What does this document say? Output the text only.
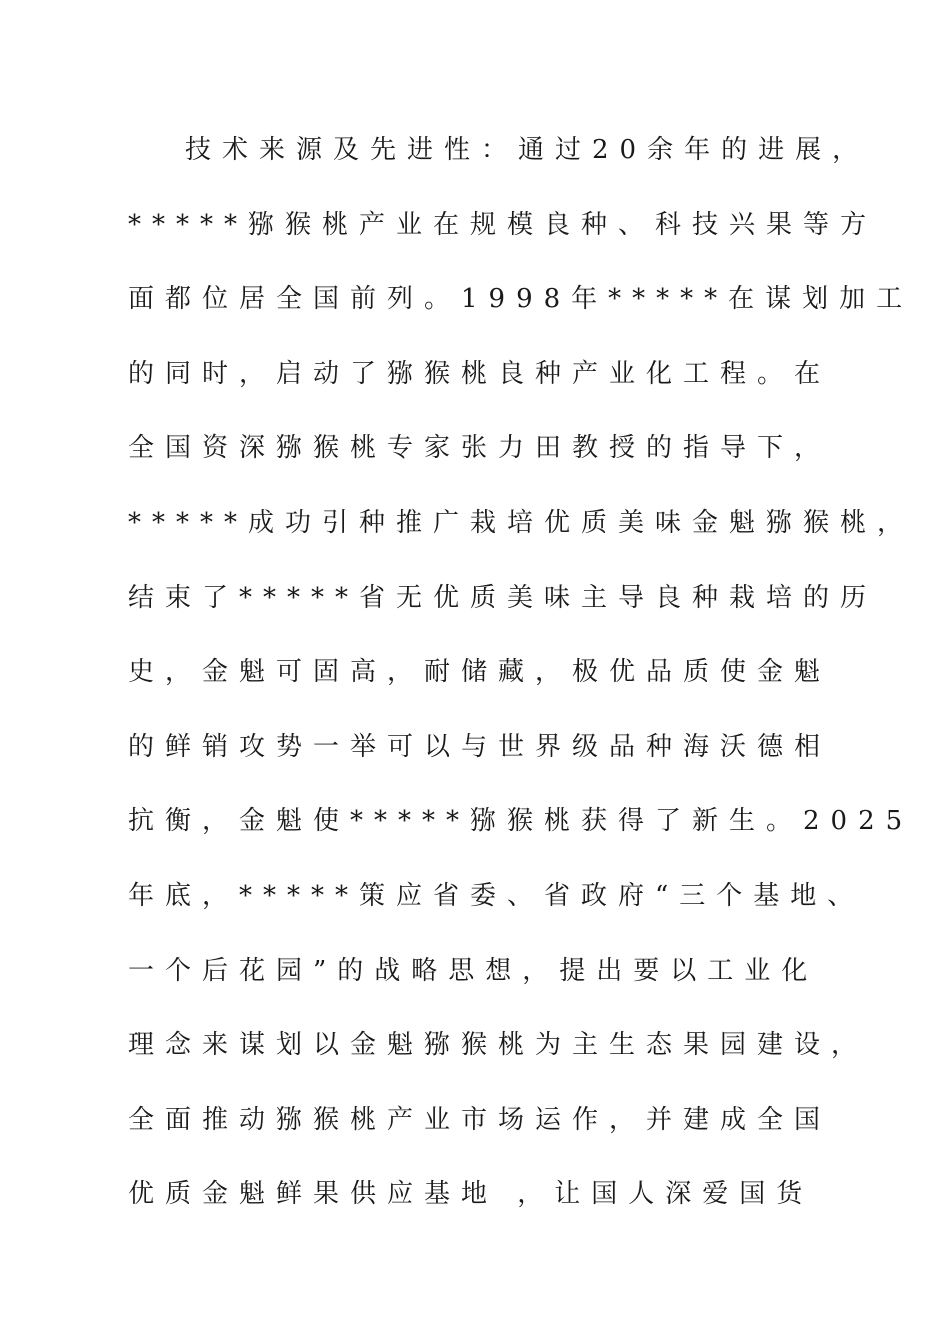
技术来源及先进性：通过20余年的进展，
*****猕猴桃产业在规模良种、科技兴果等方
面都位居全国前列。1998年*****在谋划加工
的同时，启动了猕猴桃良种产业化工程。在
全国资深猕猴桃专家张力田教授的指导下，
*****成功引种推广栽培优质美味金魁猕猴桃，
结束了*****省无优质美味主导良种栽培的历
史，金魁可固高，耐储藏，极优品质使金魁
的鲜销攻势一举可以与世界级品种海沃德相
抗衡，金魁使*****猕猴桃获得了新生。2025
年底，*****策应省委、省政府“三个基地、
一个后花园”的战略思想，提出要以工业化
理念来谋划以金魁猕猴桃为主生态果园建设，
全面推动猕猴桃产业市场运作，并建成全国
优质金魁鲜果供应基地 ，让国人深爱国货
